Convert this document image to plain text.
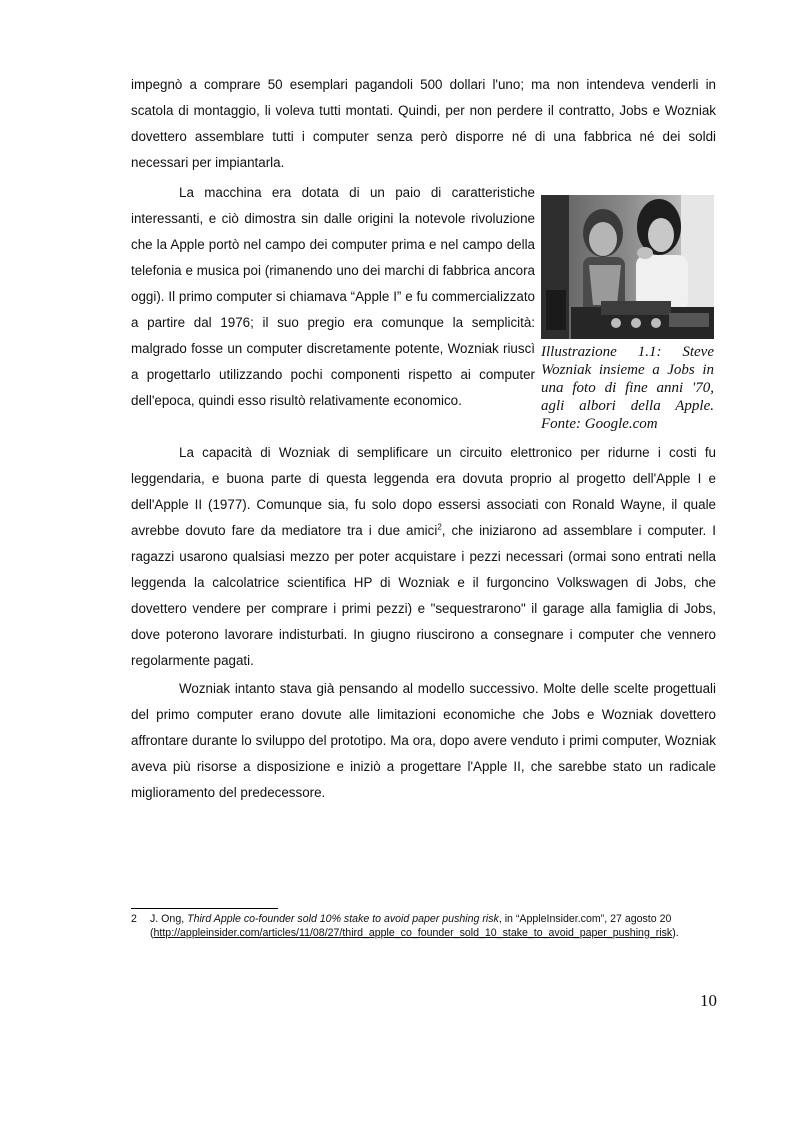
impegnò a comprare 50 esemplari pagandoli 500 dollari l'uno; ma non intendeva venderli in scatola di montaggio, li voleva tutti montati. Quindi, per non perdere il contratto, Jobs e Wozniak dovettero assemblare tutti i computer senza però disporre né di una fabbrica né dei soldi necessari per impiantarla.

La macchina era dotata di un paio di caratteristiche interessanti, e ciò dimostra sin dalle origini la notevole rivoluzione che la Apple portò nel campo dei computer prima e nel campo della telefonia e musica poi (rimanendo uno dei marchi di fabbrica ancora oggi). Il primo computer si chiamava “Apple I” e fu commercializzato a partire dal 1976; il suo pregio era comunque la semplicità: malgrado fosse un computer discretamente potente, Wozniak riuscì a progettarlo utilizzando pochi componenti rispetto ai computer dell'epoca, quindi esso risultò relativamente economico.

Illustrazione 1.1: Steve Wozniak insieme a Jobs in una foto di fine anni '70, agli albori della Apple. Fonte: Google.com

La capacità di Wozniak di semplificare un circuito elettronico per ridurne i costi fu leggendaria, e buona parte di questa leggenda era dovuta proprio al progetto dell'Apple I e dell'Apple II (1977). Comunque sia, fu solo dopo essersi associati con Ronald Wayne, il quale avrebbe dovuto fare da mediatore tra i due amici$^2$, che iniziarono ad assemblare i computer. I ragazzi usarono qualsiasi mezzo per poter acquistare i pezzi necessari (ormai sono entrati nella leggenda la calcolatrice scientifica HP di Wozniak e il furgoncino Volkswagen di Jobs, che dovettero vendere per comprare i primi pezzi) e "sequestrarono" il garage alla famiglia di Jobs, dove poterono lavorare indisturbati. In giugno riuscirono a consegnare i computer che vennero regolarmente pagati.

Wozniak intanto stava già pensando al modello successivo. Molte delle scelte progettuali del primo computer erano dovute alle limitazioni economiche che Jobs e Wozniak dovettero affrontare durante lo sviluppo del prototipo. Ma ora, dopo avere venduto i primi computer, Wozniak aveva più risorse a disposizione e iniziò a progettare l'Apple II, che sarebbe stato un radicale miglioramento del predecessore.

2 J. Ong, Third Apple co-founder sold 10% stake to avoid paper pushing risk, in “AppleInsider.com”, 27 agosto 20
(http://appleinsider.com/articles/11/08/27/third_apple_co_founder_sold_10_stake_to_avoid_paper_pushing_risk).
10
